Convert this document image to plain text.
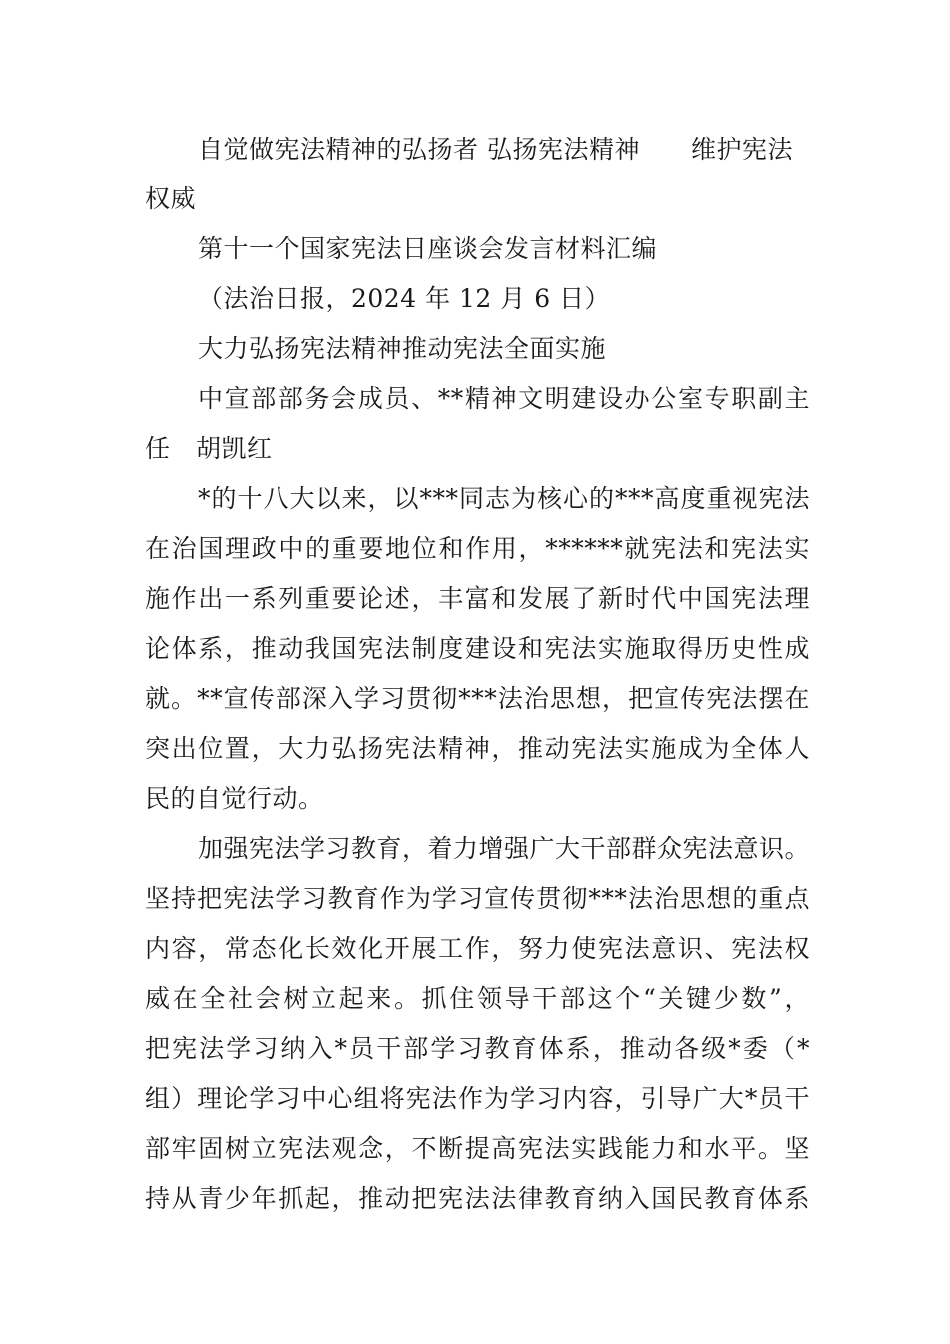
自觉做宪法精神的弘扬者 弘扬宪法精神　　维护宪法
权威
第十一个国家宪法日座谈会发言材料汇编
（法治日报，2024 年 12 月 6 日）
大力弘扬宪法精神推动宪法全面实施
中宣部部务会成员、**精神文明建设办公室专职副主
任　胡凯红
*的十八大以来，以***同志为核心的***高度重视宪法
在治国理政中的重要地位和作用，******就宪法和宪法实
施作出一系列重要论述，丰富和发展了新时代中国宪法理
论体系，推动我国宪法制度建设和宪法实施取得历史性成
就。**宣传部深入学习贯彻***法治思想，把宣传宪法摆在
突出位置，大力弘扬宪法精神，推动宪法实施成为全体人
民的自觉行动。
加强宪法学习教育，着力增强广大干部群众宪法意识。
坚持把宪法学习教育作为学习宣传贯彻***法治思想的重点
内容，常态化长效化开展工作，努力使宪法意识、宪法权
威在全社会树立起来。抓住领导干部这个“关键少数”，
把宪法学习纳入*员干部学习教育体系，推动各级*委（*
组）理论学习中心组将宪法作为学习内容，引导广大*员干
部牢固树立宪法观念，不断提高宪法实践能力和水平。坚
持从青少年抓起，推动把宪法法律教育纳入国民教育体系
